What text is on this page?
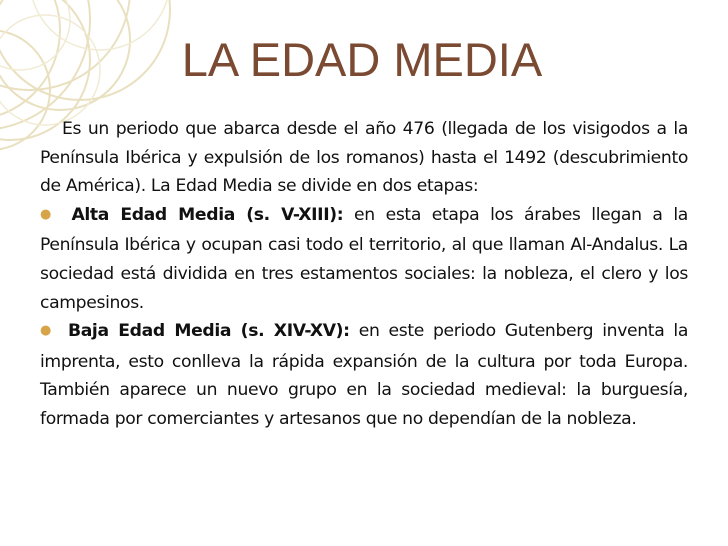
LA EDAD MEDIA

Es un periodo que abarca desde el año 476 (llegada de los visigodos a la Península Ibérica y expulsión de los romanos) hasta el 1492 (descubrimiento de América). La Edad Media se divide en dos etapas:

● Alta Edad Media (s. V-XIII): en esta etapa los árabes llegan a la Península Ibérica y ocupan casi todo el territorio, al que llaman Al-Andalus. La sociedad está dividida en tres estamentos sociales: la nobleza, el clero y los campesinos.

● Baja Edad Media (s. XIV-XV): en este periodo Gutenberg inventa la imprenta, esto conlleva la rápida expansión de la cultura por toda Europa. También aparece un nuevo grupo en la sociedad medieval: la burguesía, formada por comerciantes y artesanos que no dependían de la nobleza.
